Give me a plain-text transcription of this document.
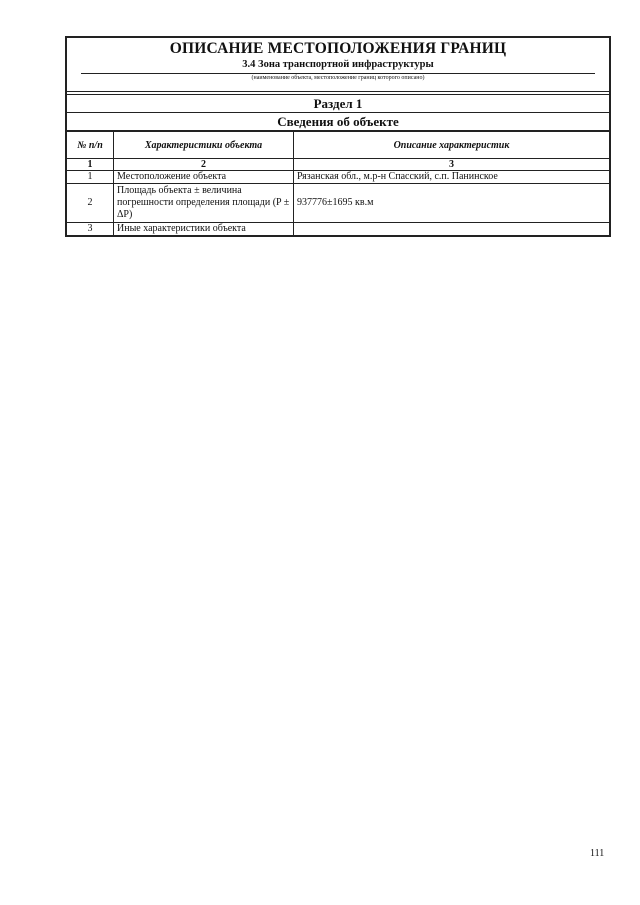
ОПИСАНИЕ МЕСТОПОЛОЖЕНИЯ ГРАНИЦ
3.4 Зона транспортной инфраструктуры
(наименование объекта, местоположение границ которого описано)
Раздел 1
Сведения об объекте
№ п/п	Характеристики объекта	Описание характеристик
1	2	3
1	Местоположение объекта	Рязанская обл., м.р-н Спасский, с.п. Панинское
2	Площадь объекта ± величина погрешности определения площади (P ± ΔP)	937776±1695 кв.м
3	Иные характеристики объекта	
111
